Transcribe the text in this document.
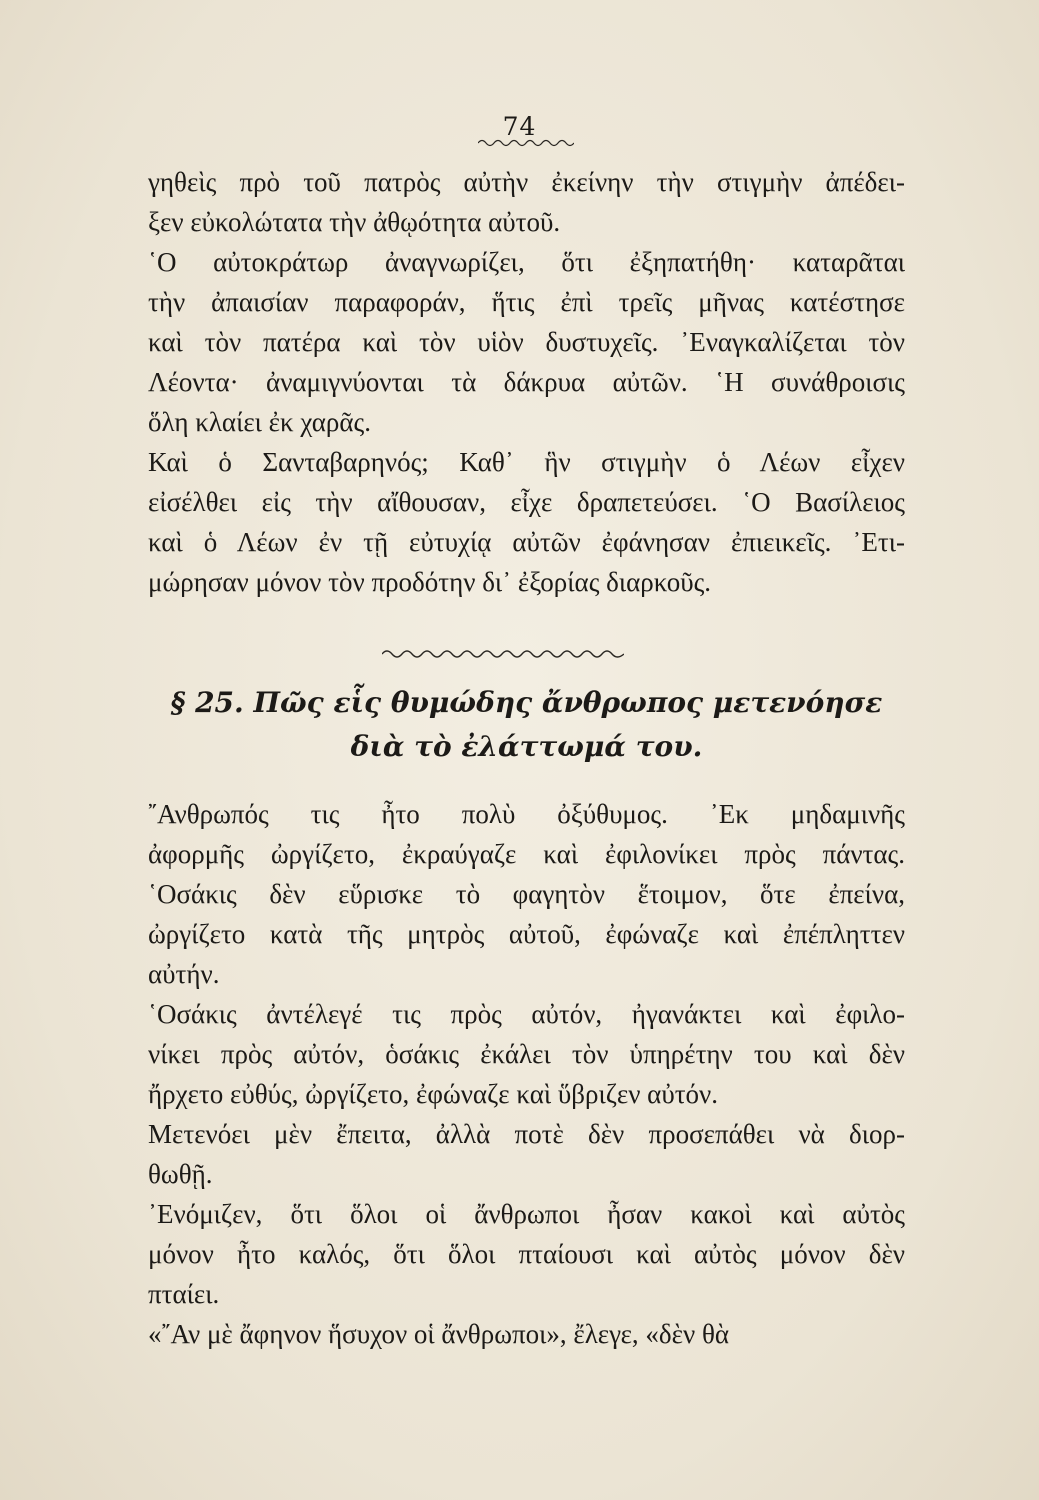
74

γηθεὶς πρὸ τοῦ πατρὸς αὐτὴν ἐκείνην τὴν στιγμὴν ἀπέδει-
ξεν εὐκολώτατα τὴν ἀθῳότητα αὐτοῦ.

῾Ο αὐτοκράτωρ ἀναγνωρίζει, ὅτι ἐξηπατήθη· καταρᾶται
τὴν ἀπαισίαν παραφοράν, ἥτις ἐπὶ τρεῖς μῆνας κατέστησε
καὶ τὸν πατέρα καὶ τὸν υἱὸν δυστυχεῖς. ᾿Εναγκαλίζεται τὸν
Λέοντα· ἀναμιγνύονται τὰ δάκρυα αὐτῶν. ῾Η συνάθροισις
ὅλη κλαίει ἐκ χαρᾶς.

Καὶ ὁ Σανταβαρηνός; Καθ᾿ ἣν στιγμὴν ὁ Λέων εἶχεν
εἰσέλθει εἰς τὴν αἴθουσαν, εἶχε δραπετεύσει. ῾Ο Βασίλειος
καὶ ὁ Λέων ἐν τῇ εὐτυχίᾳ αὐτῶν ἐφάνησαν ἐπιεικεῖς. ᾿Ετι-
μώρησαν μόνον τὸν προδότην δι᾿ ἐξορίας διαρκοῦς.

§ 25. Πῶς εἷς θυμώδης ἄνθρωπος μετενόησε
διὰ τὸ ἐλάττωμά του.

῎Ανθρωπός τις ἦτο πολὺ ὀξύθυμος. ᾿Εκ μηδαμινῆς
ἀφορμῆς ὠργίζετο, ἐκραύγαζε καὶ ἐφιλονίκει πρὸς πάντας.
῾Οσάκις δὲν εὕρισκε τὸ φαγητὸν ἕτοιμον, ὅτε ἐπείνα,
ὠργίζετο κατὰ τῆς μητρὸς αὐτοῦ, ἐφώναζε καὶ ἐπέπληττεν
αὐτήν.

῾Οσάκις ἀντέλεγέ τις πρὸς αὐτόν, ἠγανάκτει καὶ ἐφιλο-
νίκει πρὸς αὐτόν, ὁσάκις ἐκάλει τὸν ὑπηρέτην του καὶ δὲν
ἤρχετο εὐθύς, ὠργίζετο, ἐφώναζε καὶ ὕβριζεν αὐτόν.

Μετενόει μὲν ἔπειτα, ἀλλὰ ποτὲ δὲν προσεπάθει νὰ διορ-
θωθῇ.

᾿Ενόμιζεν, ὅτι ὅλοι οἱ ἄνθρωποι ἦσαν κακοὶ καὶ αὐτὸς
μόνον ἦτο καλός, ὅτι ὅλοι πταίουσι καὶ αὐτὸς μόνον δὲν
πταίει.

«῎Αν μὲ ἄφηνον ἥσυχον οἱ ἄνθρωποι», ἔλεγε, «δὲν θὰ
